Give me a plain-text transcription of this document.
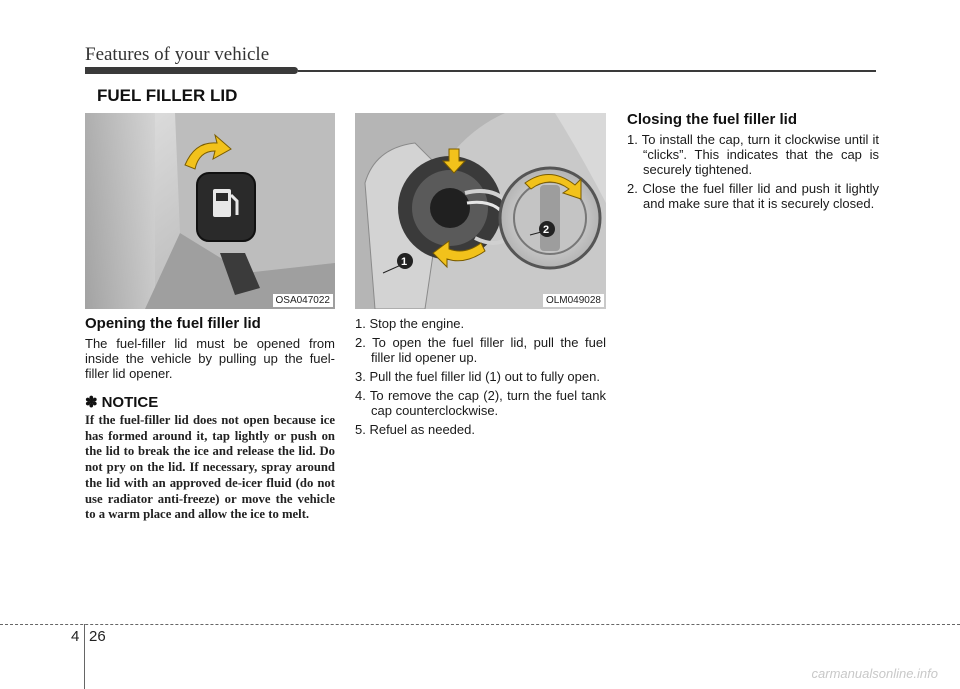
Features of your vehicle
FUEL FILLER LID
OSA047022
1
2
OLM049028
Opening the fuel filler lid

The fuel-filler lid must be opened from inside the vehicle by pulling up the fuel-filler lid opener.

✽ NOTICE

If the fuel-filler lid does not open because ice has formed around it, tap lightly or push on the lid to break the ice and release the lid. Do not pry on the lid. If necessary, spray around the lid with an approved de-icer fluid (do not use radiator anti-freeze) or move the vehicle to a warm place and allow the ice to melt.

1. Stop the engine.
2. To open the fuel filler lid, pull the fuel filler lid opener up.
3. Pull the fuel filler lid (1) out to fully open.
4. To remove the cap (2), turn the fuel tank cap counterclockwise.
5. Refuel as needed.
Closing the fuel filler lid
1. To install the cap, turn it clockwise until it “clicks”. This indicates that the cap is securely tightened.
2. Close the fuel filler lid and push it lightly and make sure that it is securely closed.
4 26
carmanualsonline.info
